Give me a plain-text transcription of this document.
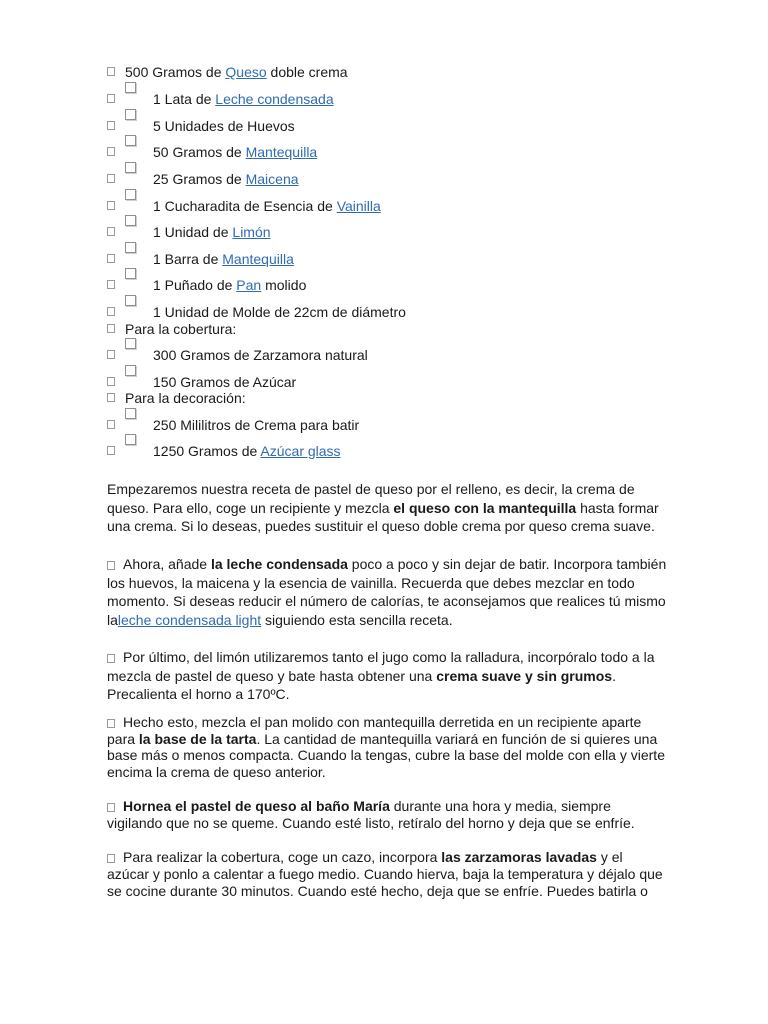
500 Gramos de Queso doble crema
1 Lata de Leche condensada
5 Unidades de Huevos
50 Gramos de Mantequilla
25 Gramos de Maicena
1 Cucharadita de Esencia de Vainilla
1 Unidad de Limón
1 Barra de Mantequilla
1 Puñado de Pan molido
1 Unidad de Molde de 22cm de diámetro
Para la cobertura:
300 Gramos de Zarzamora natural
150 Gramos de Azúcar
Para la decoración:
250 Mililitros de Crema para batir
1250 Gramos de Azúcar glass
Empezaremos nuestra receta de pastel de queso por el relleno, es decir, la crema de
queso. Para ello, coge un recipiente y mezcla el queso con la mantequilla hasta formar
una crema. Si lo deseas, puedes sustituir el queso doble crema por queso crema suave.
Ahora, añade la leche condensada poco a poco y sin dejar de batir. Incorpora también
los huevos, la maicena y la esencia de vainilla. Recuerda que debes mezclar en todo
momento. Si deseas reducir el número de calorías, te aconsejamos que realices tú mismo
laleche condensada light siguiendo esta sencilla receta.
Por último, del limón utilizaremos tanto el jugo como la ralladura, incorpóralo todo a la
mezcla de pastel de queso y bate hasta obtener una crema suave y sin grumos.
Precalienta el horno a 170ºC.
Hecho esto, mezcla el pan molido con mantequilla derretida en un recipiente aparte
para la base de la tarta. La cantidad de mantequilla variará en función de si quieres una
base más o menos compacta. Cuando la tengas, cubre la base del molde con ella y vierte
encima la crema de queso anterior.
Hornea el pastel de queso al baño María durante una hora y media, siempre
vigilando que no se queme. Cuando esté listo, retíralo del horno y deja que se enfríe.
Para realizar la cobertura, coge un cazo, incorpora las zarzamoras lavadas y el
azúcar y ponlo a calentar a fuego medio. Cuando hierva, baja la temperatura y déjalo que
se cocine durante 30 minutos. Cuando esté hecho, deja que se enfríe. Puedes batirla o
